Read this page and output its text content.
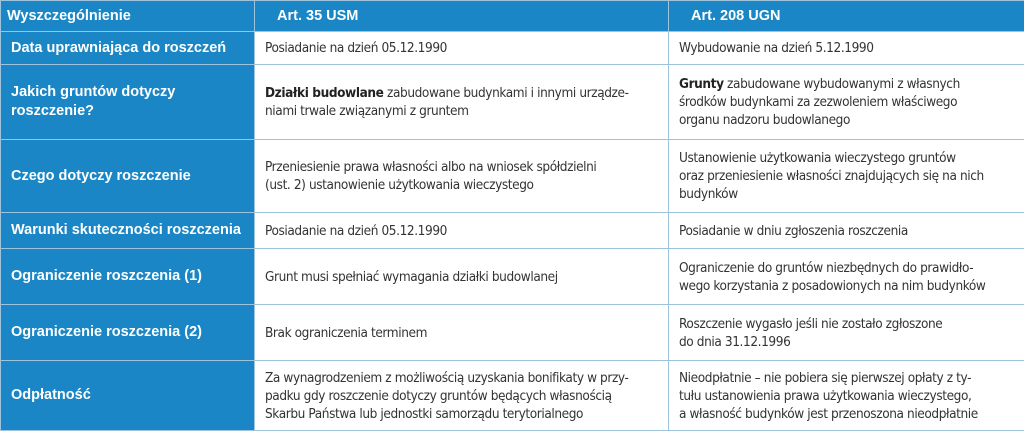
Wyszczególnienie	Art. 35 USM	Art. 208 UGN

Data uprawniająca do roszczeń	Posiadanie na dzień 05.12.1990	Wybudowanie na dzień 5.12.1990

Jakich gruntów dotyczy
roszczenie?	Działki budowlane zabudowane budynkami i innymi urządze-
niami trwale związanymi z gruntem	Grunty zabudowane wybudowanymi z własnych
środków budynkami za zezwoleniem właściwego
organu nadzoru budowlanego

Czego dotyczy roszczenie	Przeniesienie prawa własności albo na wniosek spółdzielni
(ust. 2) ustanowienie użytkowania wieczystego	Ustanowienie użytkowania wieczystego gruntów
oraz przeniesienie własności znajdujących się na nich
budynków

Warunki skuteczności roszczenia	Posiadanie na dzień 05.12.1990	Posiadanie w dniu zgłoszenia roszczenia

Ograniczenie roszczenia (1)	Grunt musi spełniać wymagania działki budowlanej	Ograniczenie do gruntów niezbędnych do prawidło-
wego korzystania z posadowionych na nim budynków

Ograniczenie roszczenia (2)	Brak ograniczenia terminem	Roszczenie wygasło jeśli nie zostało zgłoszone
do dnia 31.12.1996

Odpłatność	Za wynagrodzeniem z możliwością uzyskania bonifikaty w przy-
padku gdy roszczenie dotyczy gruntów będących własnością
Skarbu Państwa lub jednostki samorządu terytorialnego	Nieodpłatnie – nie pobiera się pierwszej opłaty z ty-
tułu ustanowienia prawa użytkowania wieczystego,
a własność budynków jest przenoszona nieodpłatnie
